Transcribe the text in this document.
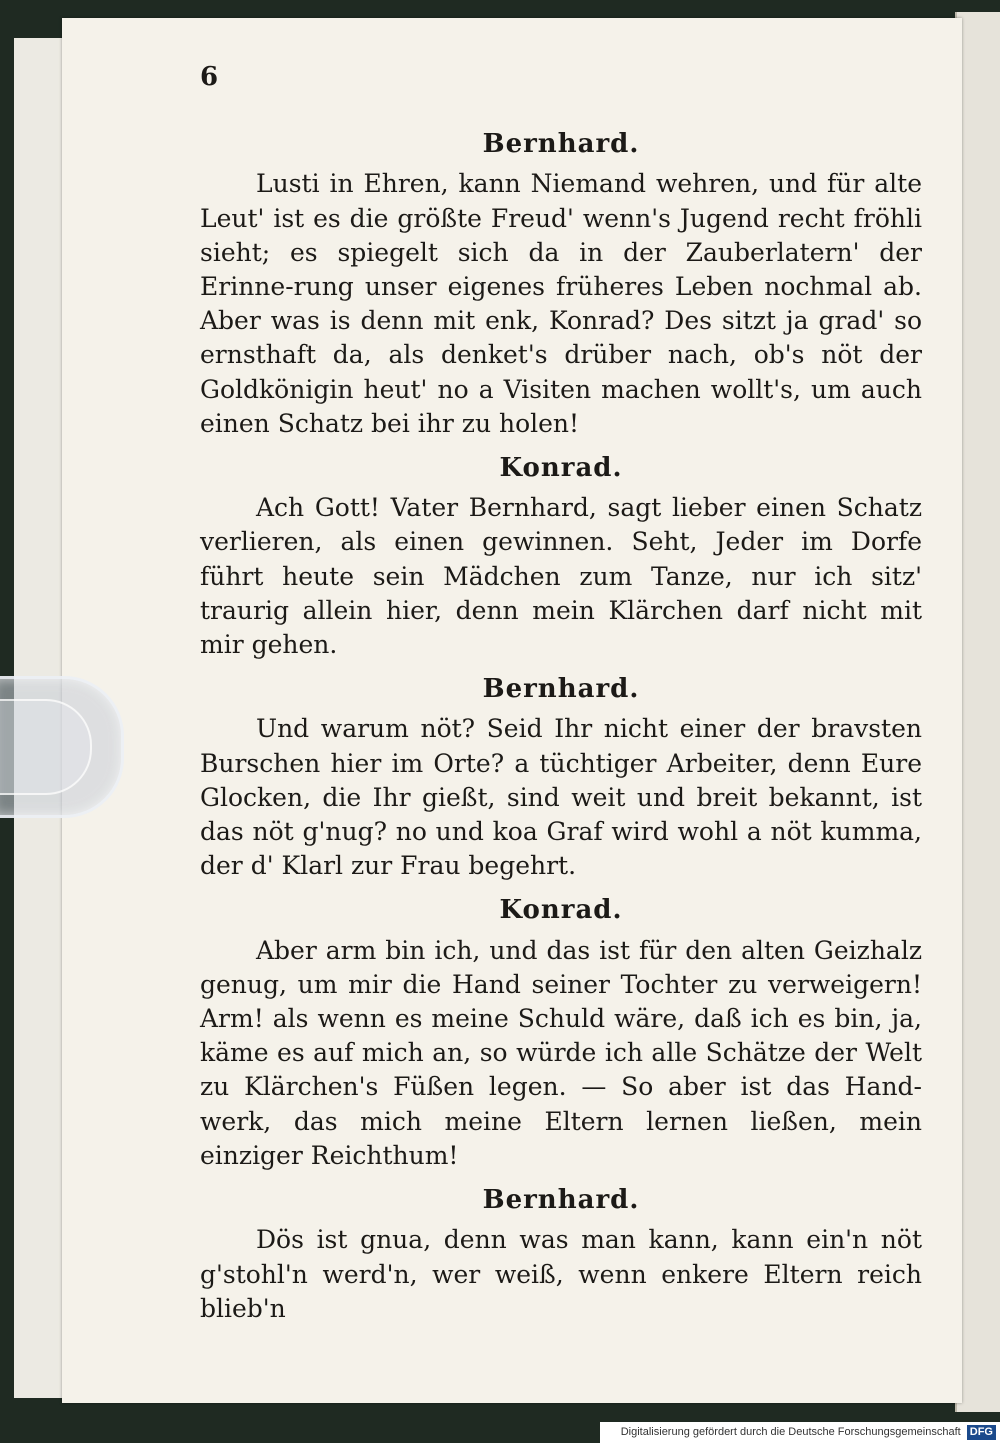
6
Bernhard.

Lusti in Ehren, kann Niemand wehren, und für alte Leut' ist es die größte Freud' wenn's Jugend recht fröhli sieht; es spiegelt sich da in der Zauberlatern' der Erinne-rung unser eigenes früheres Leben nochmal ab. Aber was is denn mit enk, Konrad? Des sitzt ja grad' so ernsthaft da, als denket's drüber nach, ob's nöt der Goldkönigin heut' no a Visiten machen wollt's, um auch einen Schatz bei ihr zu holen!

Konrad.

Ach Gott! Vater Bernhard, sagt lieber einen Schatz verlieren, als einen gewinnen. Seht, Jeder im Dorfe führt heute sein Mädchen zum Tanze, nur ich sitz' traurig allein hier, denn mein Klärchen darf nicht mit mir gehen.

Bernhard.

Und warum nöt? Seid Ihr nicht einer der bravsten Burschen hier im Orte? a tüchtiger Arbeiter, denn Eure Glocken, die Ihr gießt, sind weit und breit bekannt, ist das nöt g'nug? no und koa Graf wird wohl a nöt kumma, der d' Klarl zur Frau begehrt.

Konrad.

Aber arm bin ich, und das ist für den alten Geizhalz genug, um mir die Hand seiner Tochter zu verweigern! Arm! als wenn es meine Schuld wäre, daß ich es bin, ja, käme es auf mich an, so würde ich alle Schätze der Welt zu Klärchen's Füßen legen. — So aber ist das Hand-werk, das mich meine Eltern lernen ließen, mein einziger Reichthum!

Bernhard.

Dös ist gnua, denn was man kann, kann ein'n nöt g'stohl'n werd'n, wer weiß, wenn enkere Eltern reich blieb'n

Digitalisierung gefördert durch die Deutsche Forschungsgemeinschaft DFG
